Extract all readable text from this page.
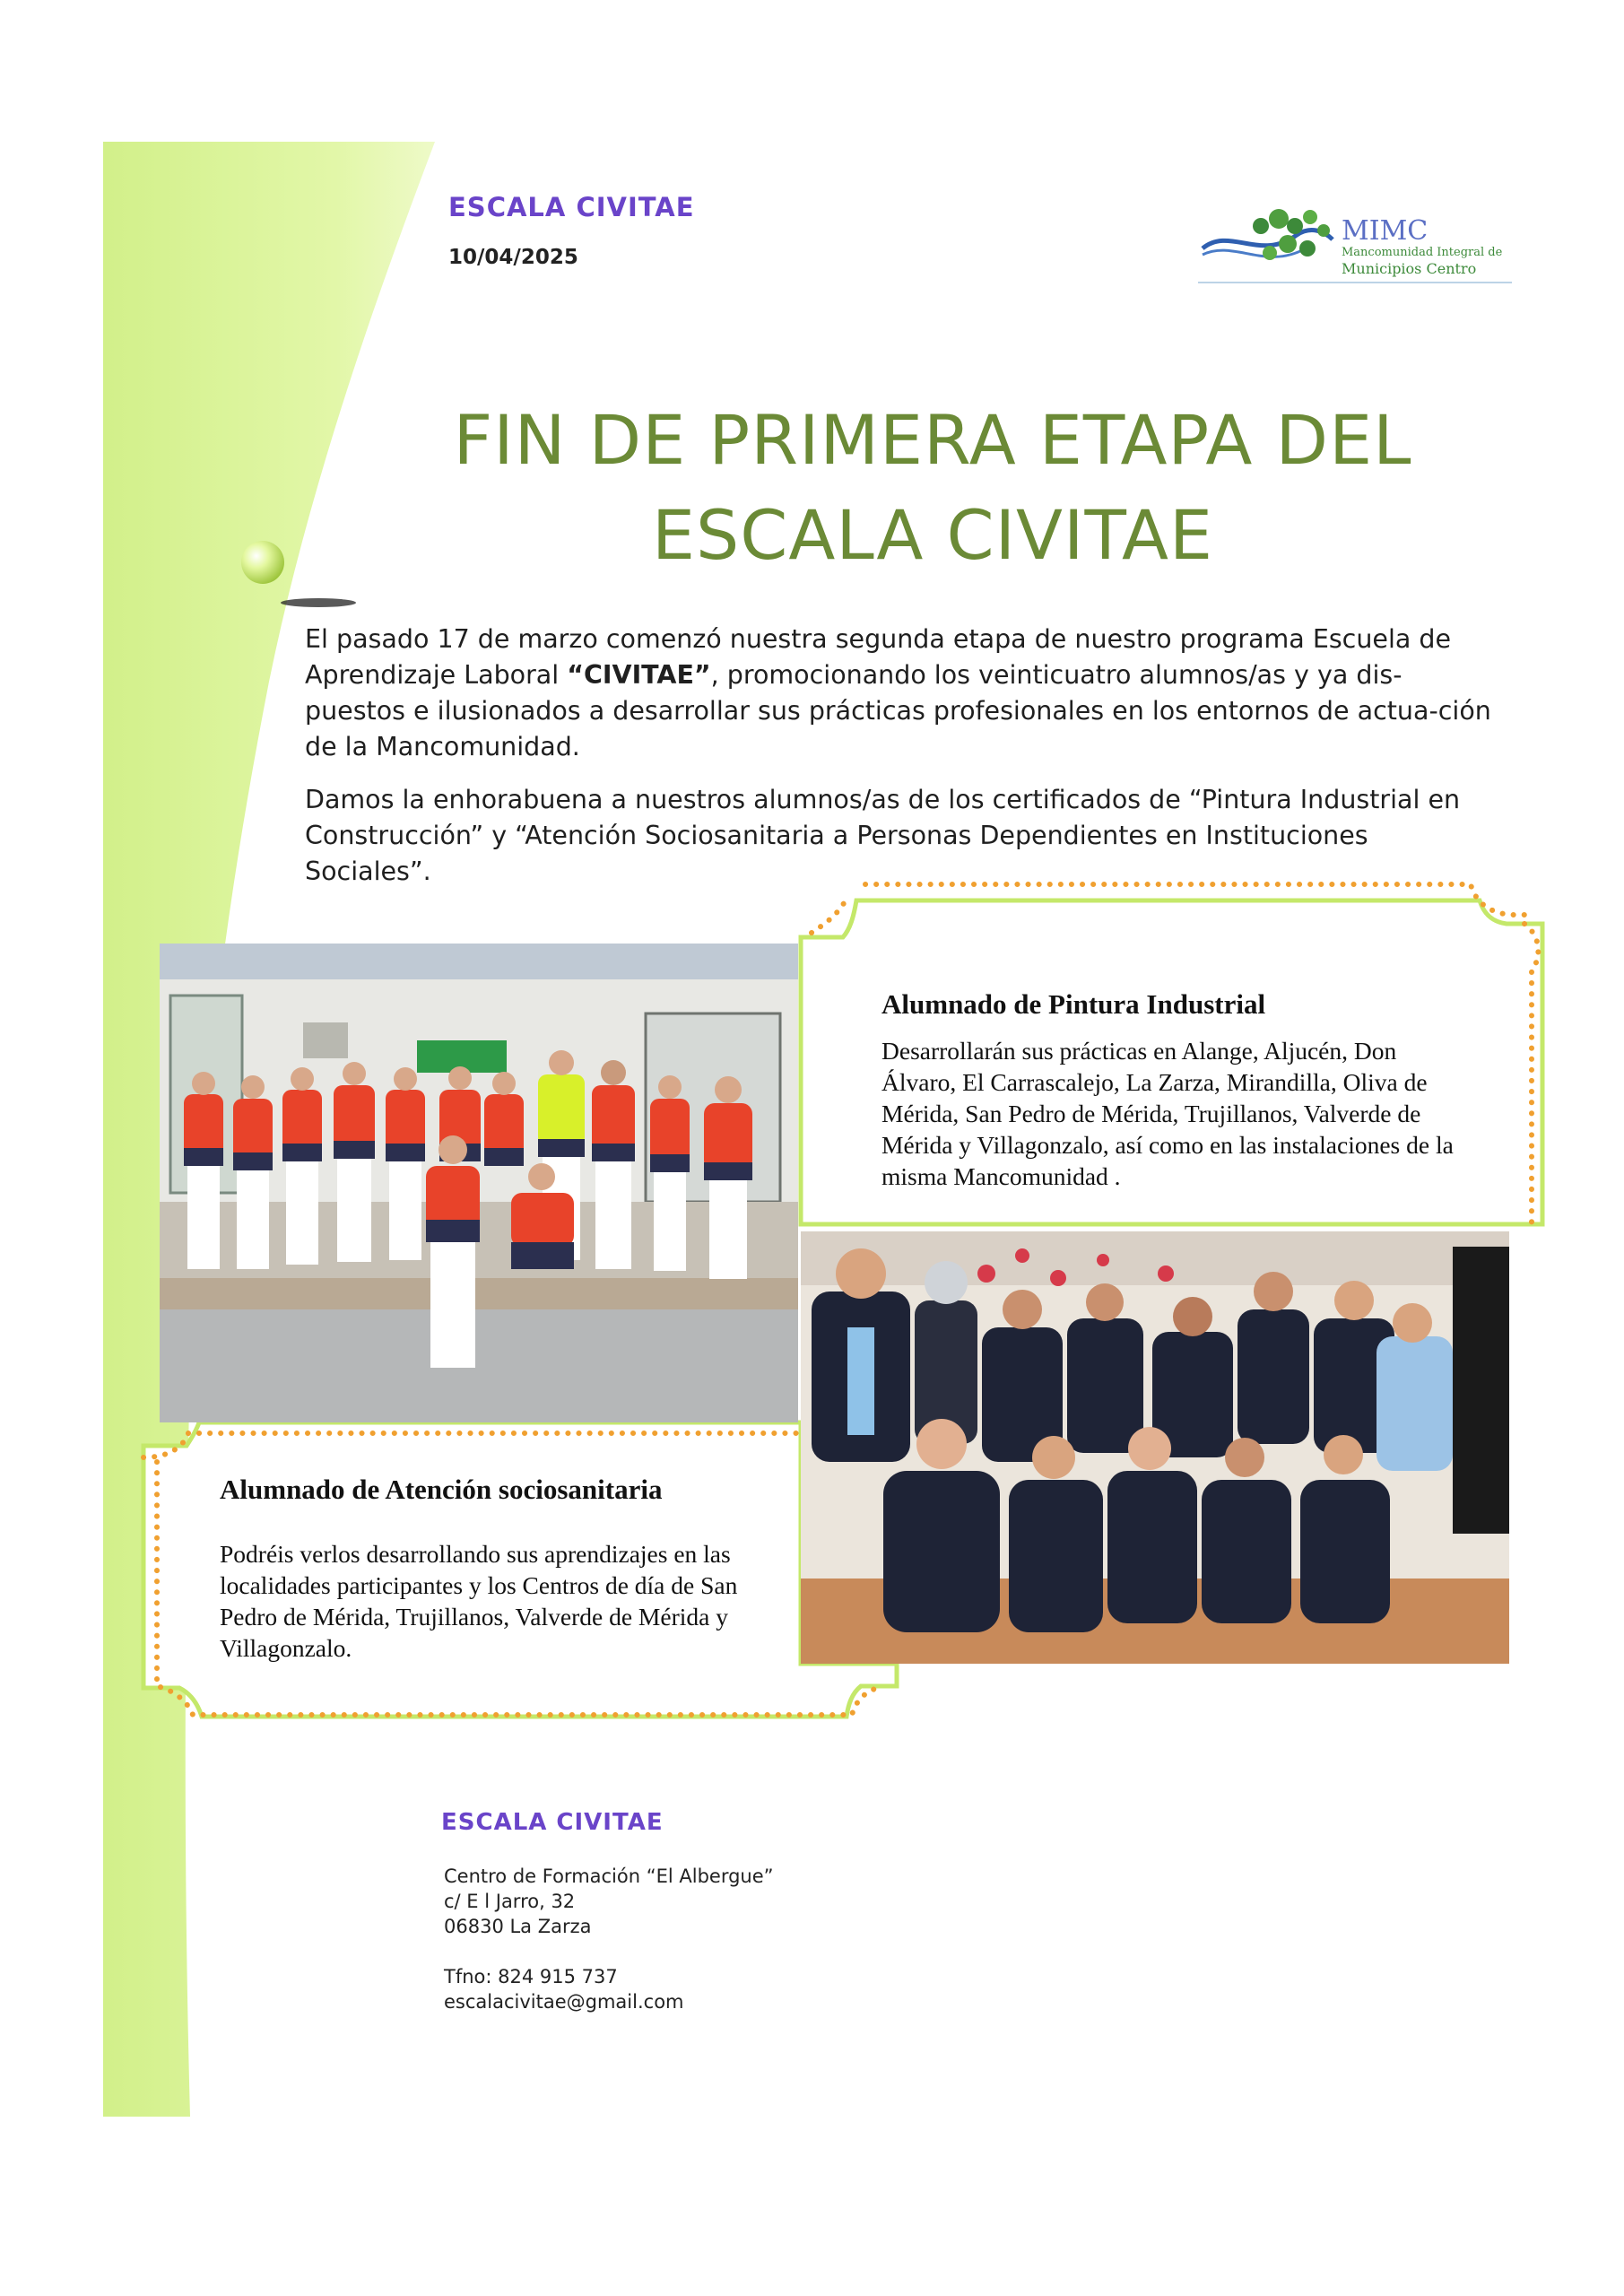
ESCALA CIVITAE
10/04/2025
MIMC
Mancomunidad Integral de
Municipios Centro
FIN DE PRIMERA ETAPA DEL
ESCALA CIVITAE
El pasado 17 de marzo comenzó nuestra segunda etapa de nuestro programa Escuela de Aprendizaje Laboral “CIVITAE”, promocionando los veinticuatro alumnos/as y ya dis-puestos e ilusionados a desarrollar sus prácticas profesionales en los entornos de actua-ción de la Mancomunidad.
Damos la enhorabuena a nuestros alumnos/as de los certificados de “Pintura Industrial en Construcción” y “Atención Sociosanitaria a Personas Dependientes en Instituciones Sociales”.
Alumnado de Pintura Industrial
Desarrollarán sus prácticas en Alange, Aljucén, Don Álvaro, El Carrascalejo, La Zarza, Mirandilla, Oliva de Mérida, San Pedro de Mérida, Trujillanos, Valverde de Mérida y Villagonzalo, así como en las instalaciones de la misma Mancomunidad .
Alumnado de Atención sociosanitaria
Podréis verlos desarrollando sus aprendizajes en las localidades participantes y los Centros de día de San Pedro de Mérida, Trujillanos, Valverde de Mérida y Villagonzalo.
ESCALA CIVITAE
Centro de Formación “El Albergue”
c/ E l Jarro, 32
06830 La Zarza
Tfno: 824 915 737
escalacivitae@gmail.com
